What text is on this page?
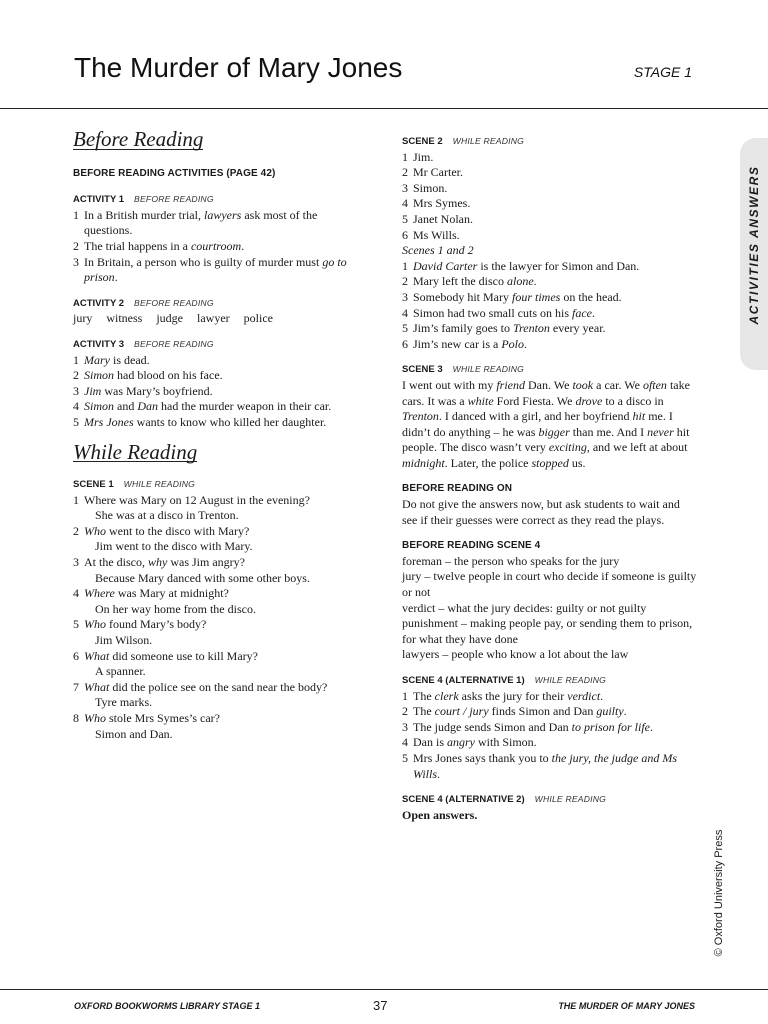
The Murder of Mary Jones	STAGE 1
ACTIVITIES ANSWERS
Before Reading

BEFORE READING ACTIVITIES (PAGE 42)

ACTIVITY 1 BEFORE READING
1 In a British murder trial, lawyers ask most of the questions.
2 The trial happens in a courtroom.
3 In Britain, a person who is guilty of murder must go to prison.
ACTIVITY 2 BEFORE READING

jury witness judge lawyer police

ACTIVITY 3 BEFORE READING
1 Mary is dead.
2 Simon had blood on his face.
3 Jim was Mary’s boyfriend.
4 Simon and Dan had the murder weapon in their car.
5 Mrs Jones wants to know who killed her daughter.
While Reading
SCENE 1 WHILE READING
1 Where was Mary on 12 August in the evening?
She was at a disco in Trenton.
2 Who went to the disco with Mary?
Jim went to the disco with Mary.
3 At the disco, why was Jim angry?
Because Mary danced with some other boys.
4 Where was Mary at midnight?
On her way home from the disco.
5 Who found Mary’s body?
Jim Wilson.
6 What did someone use to kill Mary?
A spanner.
7 What did the police see on the sand near the body?
Tyre marks.
8 Who stole Mrs Symes’s car?
Simon and Dan.
SCENE 2 WHILE READING
1 Jim.
2 Mr Carter.
3 Simon.
4 Mrs Symes.
5 Janet Nolan.
6 Ms Wills.

Scenes 1 and 2

1 David Carter is the lawyer for Simon and Dan.
2 Mary left the disco alone.
3 Somebody hit Mary four times on the head.
4 Simon had two small cuts on his face.
5 Jim’s family goes to Trenton every year.
6 Jim’s new car is a Polo.
SCENE 3 WHILE READING

I went out with my friend Dan. We took a car. We often take cars. It was a white Ford Fiesta. We drove to a disco in Trenton. I danced with a girl, and her boyfriend hit me. I didn’t do anything – he was bigger than me. And I never hit people. The disco wasn’t very exciting, and we left at about midnight. Later, the police stopped us.

BEFORE READING ON

Do not give the answers now, but ask students to wait and see if their guesses were correct as they read the plays.

BEFORE READING SCENE 4

foreman – the person who speaks for the jury

jury – twelve people in court who decide if someone is guilty or not

verdict – what the jury decides: guilty or not guilty

punishment – making people pay, or sending them to prison, for what they have done

lawyers – people who know a lot about the law

SCENE 4 (ALTERNATIVE 1) WHILE READING
1 The clerk asks the jury for their verdict.
2 The court / jury finds Simon and Dan guilty.
3 The judge sends Simon and Dan to prison for life.
4 Dan is angry with Simon.
5 Mrs Jones says thank you to the jury, the judge and Ms Wills.
SCENE 4 (ALTERNATIVE 2) WHILE READING

Open answers.

© Oxford University Press
OXFORD BOOKWORMS LIBRARY STAGE 1	37	THE MURDER OF MARY JONES
